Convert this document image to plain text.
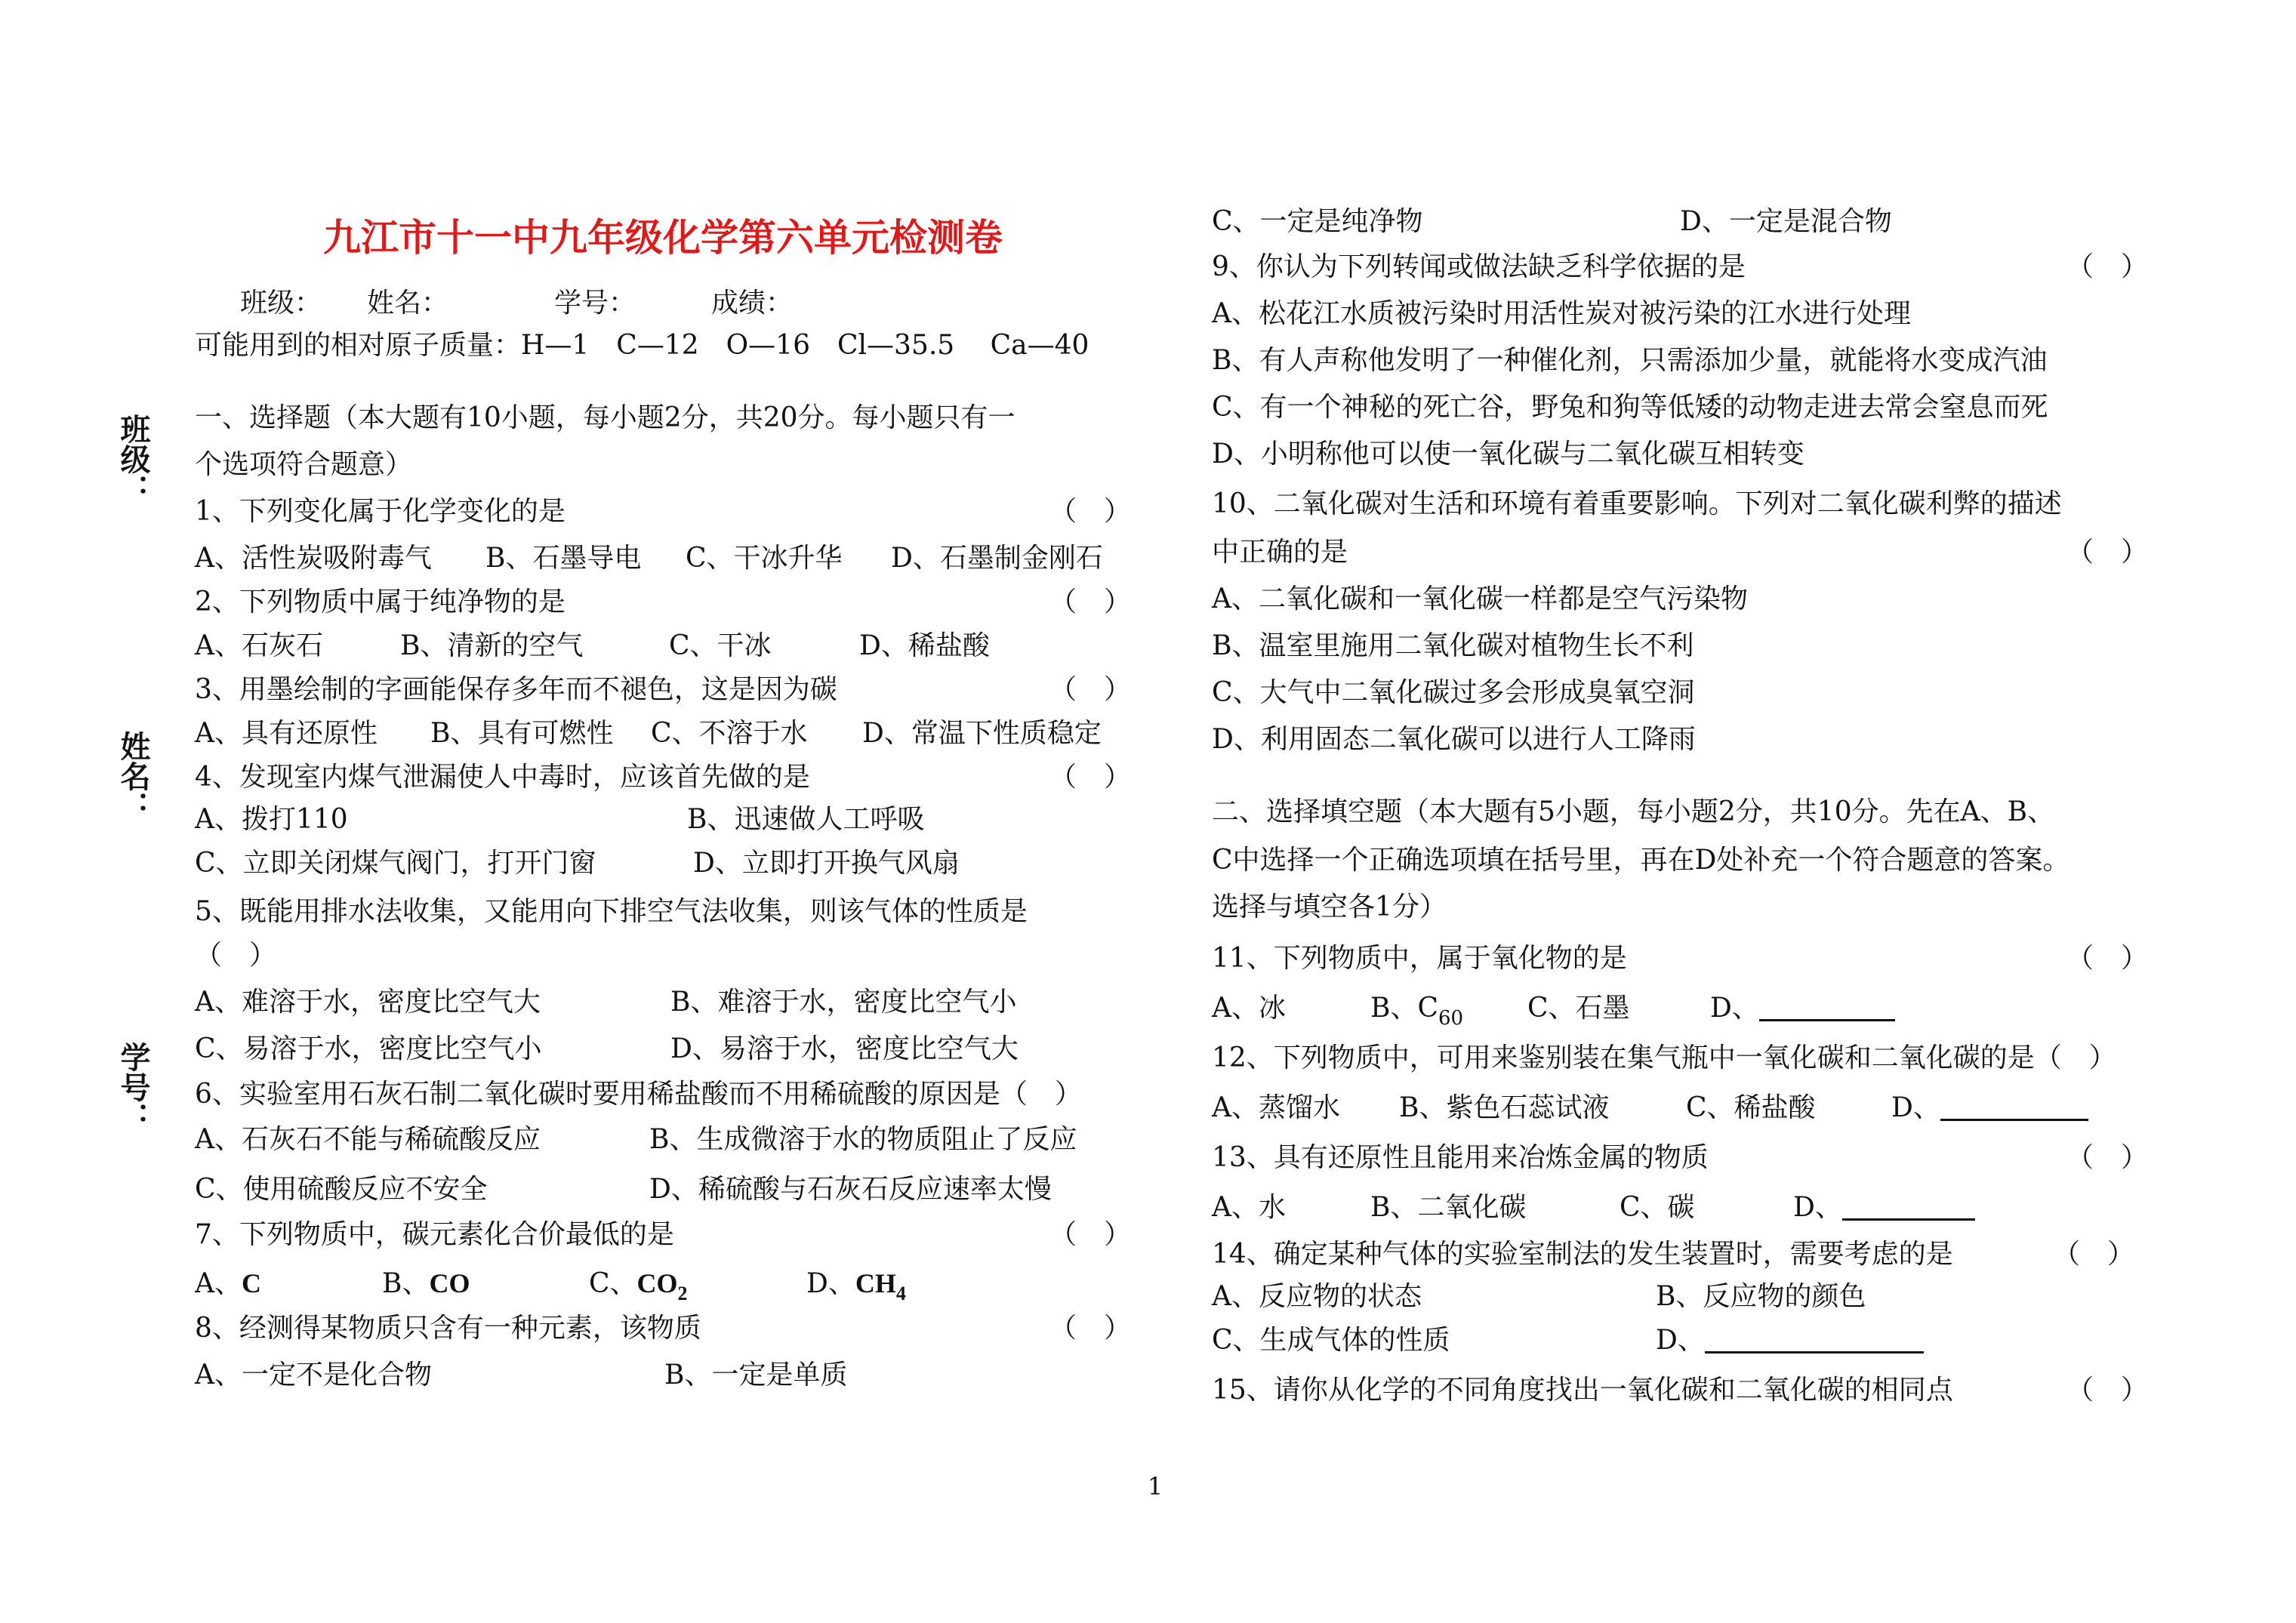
班级：
姓名：
学号：
九江市十一中九年级化学第六单元检测卷

班级：

姓名：

	学号：

	成绩：

可能用到的相对原子质量：H—1　C—12　O—16　Cl—35.5　 Ca—40
一、选择题（本大题有10小题，每小题2分，共20分。每小题只有一
个选项符合题意）

1、下列变化属于化学变化的是

	（　）

A、活性炭吸附毒气

B、石墨导电

C、干冰升华

D、石墨制金刚石

2、下列物质中属于纯净物的是

	（　）

A、石灰石

	B、清新的空气

	C、干冰

	D、稀盐酸

3、用墨绘制的字画能保存多年而不褪色，这是因为碳

	（　）

A、具有还原性

B、具有可燃性

C、不溶于水

D、常温下性质稳定

4、发现室内煤气泄漏使人中毒时，应该首先做的是

	（　）

A、拨打110

	B、迅速做人工呼吸

C、立即关闭煤气阀门，打开门窗

	D、立即打开换气风扇

5、既能用排水法收集，又能用向下排空气法收集，则该气体的性质是

（　）

A、难溶于水，密度比空气大

	B、难溶于水，密度比空气小

C、易溶于水，密度比空气小

	D、易溶于水，密度比空气大

6、实验室用石灰石制二氧化碳时要用稀盐酸而不用稀硫酸的原因是（　）

A、石灰石不能与稀硫酸反应

	B、生成微溶于水的物质阻止了反应

C、使用硫酸反应不安全

	D、稀硫酸与石灰石反应速率太慢

7、下列物质中，碳元素化合价最低的是

	（　）

A、C

	B、CO

	C、$CO_2$

	D、$CH_4$

8、经测得某物质只含有一种元素，该物质

	（　）

A、一定不是化合物

	B、一定是单质

C、一定是纯净物

	D、一定是混合物

9、你认为下列转闻或做法缺乏科学依据的是

	（　）

A、松花江水质被污染时用活性炭对被污染的江水进行处理
B、有人声称他发明了一种催化剂，只需添加少量，就能将水变成汽油
C、有一个神秘的死亡谷，野兔和狗等低矮的动物走进去常会窒息而死
D、小明称他可以使一氧化碳与二氧化碳互相转变
10、二氧化碳对生活和环境有着重要影响。下列对二氧化碳利弊的描述

中正确的是

	（　）

A、二氧化碳和一氧化碳一样都是空气污染物
B、温室里施用二氧化碳对植物生长不利
C、大气中二氧化碳过多会形成臭氧空洞
D、利用固态二氧化碳可以进行人工降雨
二、选择填空题（本大题有5小题，每小题2分，共10分。先在A、B、
C中选择一个正确选项填在括号里，再在D处补充一个符合题意的答案。
选择与填空各1分）

11、下列物质中，属于氧化物的是

	（　）

A、冰

	B、$C_{60}$

C、石墨

	D、

12、下列物质中，可用来鉴别装在集气瓶中一氧化碳和二氧化碳的是（　）

A、蒸馏水

B、紫色石蕊试液

	C、稀盐酸

	D、

13、具有还原性且能用来冶炼金属的物质

	（　）

A、水

	B、二氧化碳

	C、碳

	D、

14、确定某种气体的实验室制法的发生装置时，需要考虑的是

	（　）

A、反应物的状态

	B、反应物的颜色

C、生成气体的性质

	D、

15、请你从化学的不同角度找出一氧化碳和二氧化碳的相同点

	（　）

1
